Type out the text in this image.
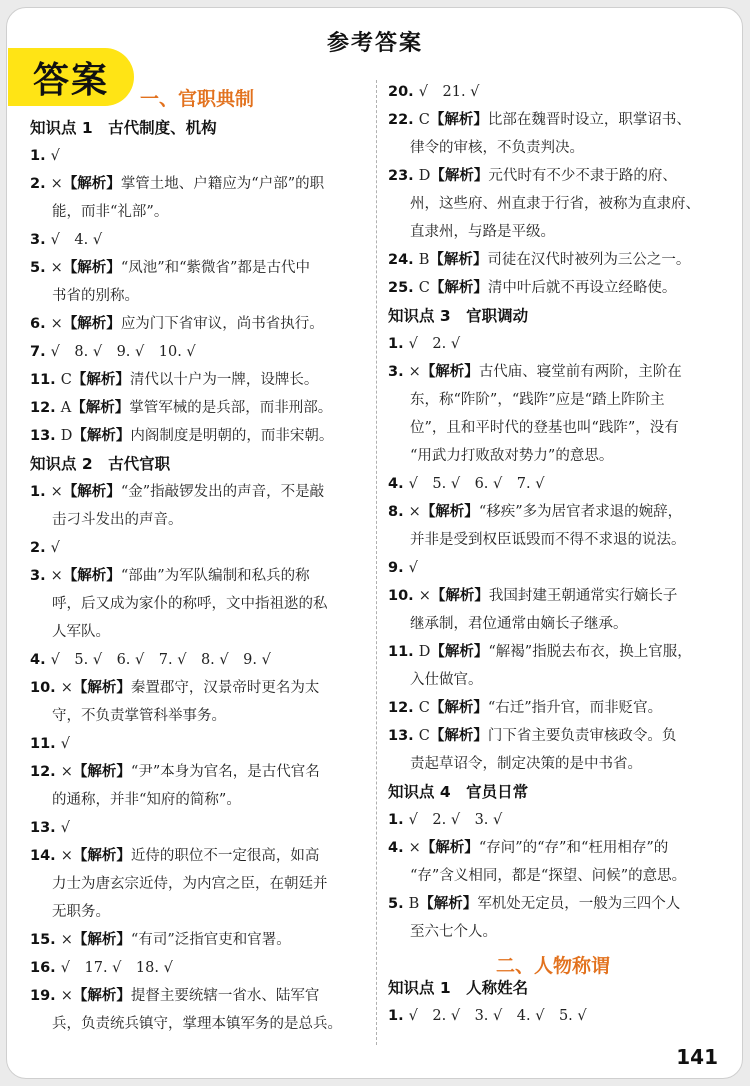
参考答案
答案	一、官职典制
二、人物称谓
知识点 1　古代制度、机构
1. √
2. ×【解析】掌管土地、户籍应为“户部”的职
能，而非“礼部”。
3. √　4. √
5. ×【解析】“凤池”和“紫微省”都是古代中
书省的别称。
6. ×【解析】应为门下省审议，尚书省执行。
7. √　8. √　9. √　10. √
11. C【解析】清代以十户为一牌，设牌长。
12. A【解析】掌管军械的是兵部，而非刑部。
13. D【解析】内阁制度是明朝的，而非宋朝。
知识点 2　古代官职
1. ×【解析】“金”指敲锣发出的声音，不是敲
击刁斗发出的声音。
2. √
3. ×【解析】“部曲”为军队编制和私兵的称
呼，后又成为家仆的称呼，文中指祖逖的私
人军队。
4. √　5. √　6. √　7. √　8. √　9. √
10. ×【解析】秦置郡守，汉景帝时更名为太
守，不负责掌管科举事务。
11. √
12. ×【解析】“尹”本身为官名，是古代官名
的通称，并非“知府的简称”。
13. √
14. ×【解析】近侍的职位不一定很高，如高
力士为唐玄宗近侍，为内宫之臣，在朝廷并
无职务。
15. ×【解析】“有司”泛指官吏和官署。
16. √　17. √　18. √
19. ×【解析】提督主要统辖一省水、陆军官
兵，负责统兵镇守，掌理本镇军务的是总兵。
20. √　21. √
22. C【解析】比部在魏晋时设立，职掌诏书、
律令的审核，不负责判决。
23. D【解析】元代时有不少不隶于路的府、
州，这些府、州直隶于行省，被称为直隶府、
直隶州，与路是平级。
24. B【解析】司徒在汉代时被列为三公之一。
25. C【解析】清中叶后就不再设立经略使。
知识点 3　官职调动
1. √　2. √
3. ×【解析】古代庙、寝堂前有两阶，主阶在
东，称“阼阶”，“践阼”应是“踏上阼阶主
位”，且和平时代的登基也叫“践阼”，没有
“用武力打败敌对势力”的意思。
4. √　5. √　6. √　7. √
8. ×【解析】“移疾”多为居官者求退的婉辞，
并非是受到权臣诋毁而不得不求退的说法。
9. √
10. ×【解析】我国封建王朝通常实行嫡长子
继承制，君位通常由嫡长子继承。
11. D【解析】“解褐”指脱去布衣，换上官服，
入仕做官。
12. C【解析】“右迁”指升官，而非贬官。
13. C【解析】门下省主要负责审核政令。负
责起草诏令，制定决策的是中书省。
知识点 4　官员日常
1. √　2. √　3. √
4. ×【解析】“存问”的“存”和“枉用相存”的
“存”含义相同，都是“探望、问候”的意思。
5. B【解析】军机处无定员，一般为三四个人
至六七个人。
知识点 1　人称姓名
1. √　2. √　3. √　4. √　5. √
141
